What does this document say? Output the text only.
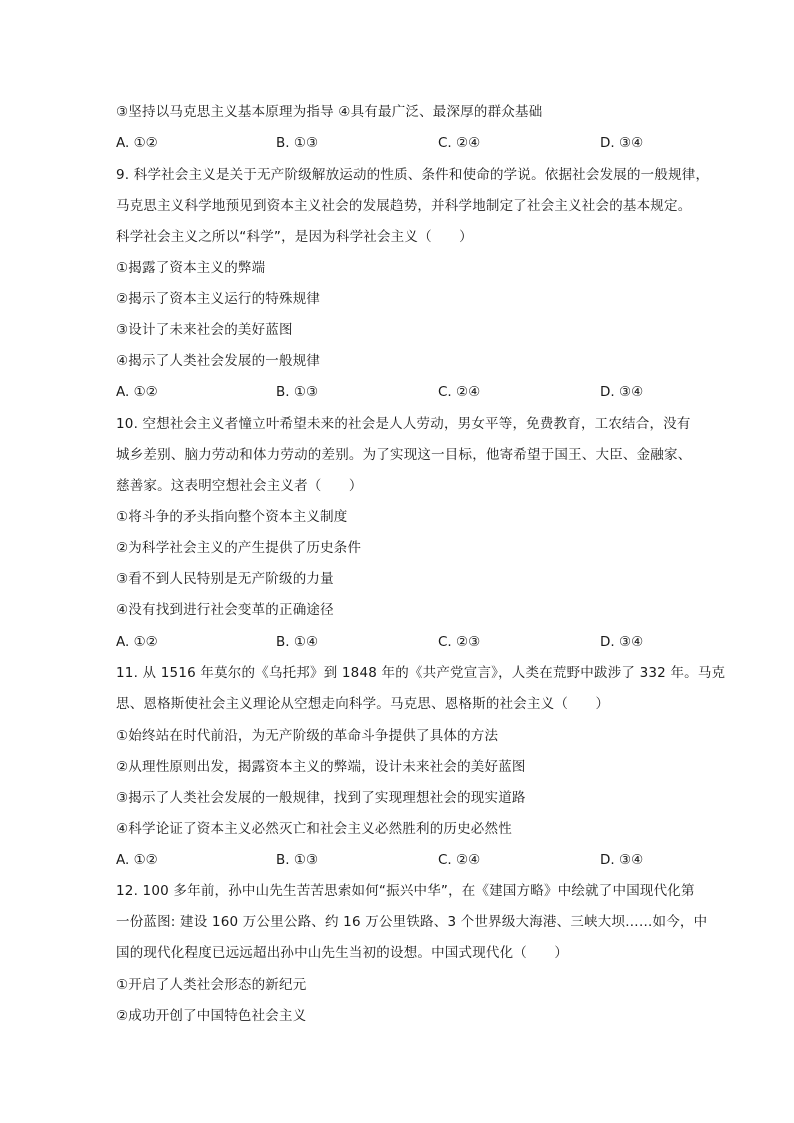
③坚持以马克思主义基本原理为指导 ④具有最广泛、最深厚的群众基础
A. ①②	B. ①③	C. ②④	D. ③④
9. 科学社会主义是关于无产阶级解放运动的性质、条件和使命的学说。依据社会发展的一般规律，
马克思主义科学地预见到资本主义社会的发展趋势，并科学地制定了社会主义社会的基本规定。
科学社会主义之所以“科学”，是因为科学社会主义（　　）
①揭露了资本主义的弊端
②揭示了资本主义运行的特殊规律
③设计了未来社会的美好蓝图
④揭示了人类社会发展的一般规律
A. ①②	B. ①③	C. ②④	D. ③④
10. 空想社会主义者憧立叶希望未来的社会是人人劳动，男女平等，免费教育，工农结合，没有
城乡差别、脑力劳动和体力劳动的差别。为了实现这一目标，他寄希望于国王、大臣、金融家、
慈善家。这表明空想社会主义者（　　）
①将斗争的矛头指向整个资本主义制度
②为科学社会主义的产生提供了历史条件
③看不到人民特别是无产阶级的力量
④没有找到进行社会变革的正确途径
A. ①②	B. ①④	C. ②③	D. ③④
11. 从 1516 年莫尔的《乌托邦》到 1848 年的《共产党宣言》，人类在荒野中跋涉了 332 年。马克
思、恩格斯使社会主义理论从空想走向科学。马克思、恩格斯的社会主义（　　）
①始终站在时代前沿，为无产阶级的革命斗争提供了具体的方法
②从理性原则出发，揭露资本主义的弊端，设计未来社会的美好蓝图
③揭示了人类社会发展的一般规律，找到了实现理想社会的现实道路
④科学论证了资本主义必然灭亡和社会主义必然胜利的历史必然性
A. ①②	B. ①③	C. ②④	D. ③④
12. 100 多年前，孙中山先生苦苦思索如何“振兴中华”，在《建国方略》中绘就了中国现代化第
一份蓝图: 建设 160 万公里公路、约 16 万公里铁路、3 个世界级大海港、三峡大坝……如今，中
国的现代化程度已远远超出孙中山先生当初的设想。中国式现代化（　　）
①开启了人类社会形态的新纪元
②成功开创了中国特色社会主义
